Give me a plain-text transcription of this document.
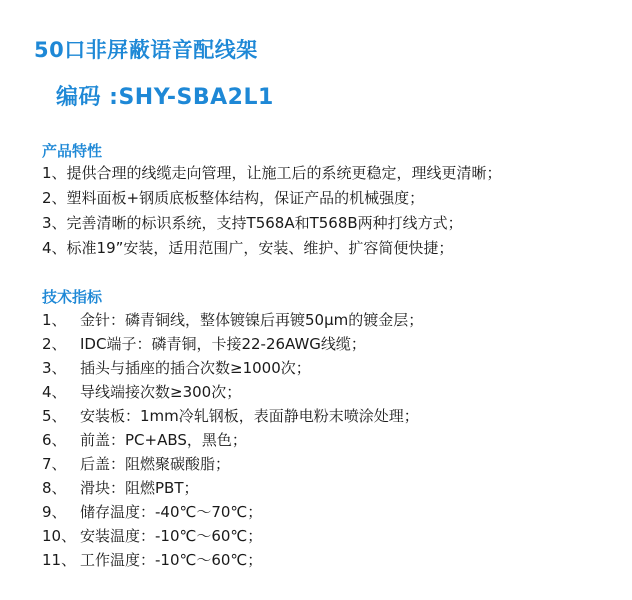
50口非屏蔽语音配线架
编码 :SHY-SBA2L1
产品特性
1、提供合理的线缆走向管理，让施工后的系统更稳定，理线更清晰；
2、塑料面板+钢质底板整体结构，保证产品的机械强度；
3、完善清晰的标识系统，支持T568A和T568B两种打线方式；
4、标准19”安装，适用范围广，安装、维护、扩容简便快捷；
技术指标
1、 金针：磷青铜线，整体镀镍后再镀50μm的镀金层；
2、 IDC端子：磷青铜，卡接22-26AWG线缆；
3、 插头与插座的插合次数≥1000次；
4、 导线端接次数≥300次；
5、 安装板：1mm冷轧钢板，表面静电粉末喷涂处理；
6、 前盖：PC+ABS，黑色；
7、 后盖：阻燃聚碳酸脂；
8、 滑块：阻燃PBT；
9、 储存温度：-40℃～70℃；
10、 安装温度：-10℃～60℃；
11、 工作温度：-10℃～60℃；
